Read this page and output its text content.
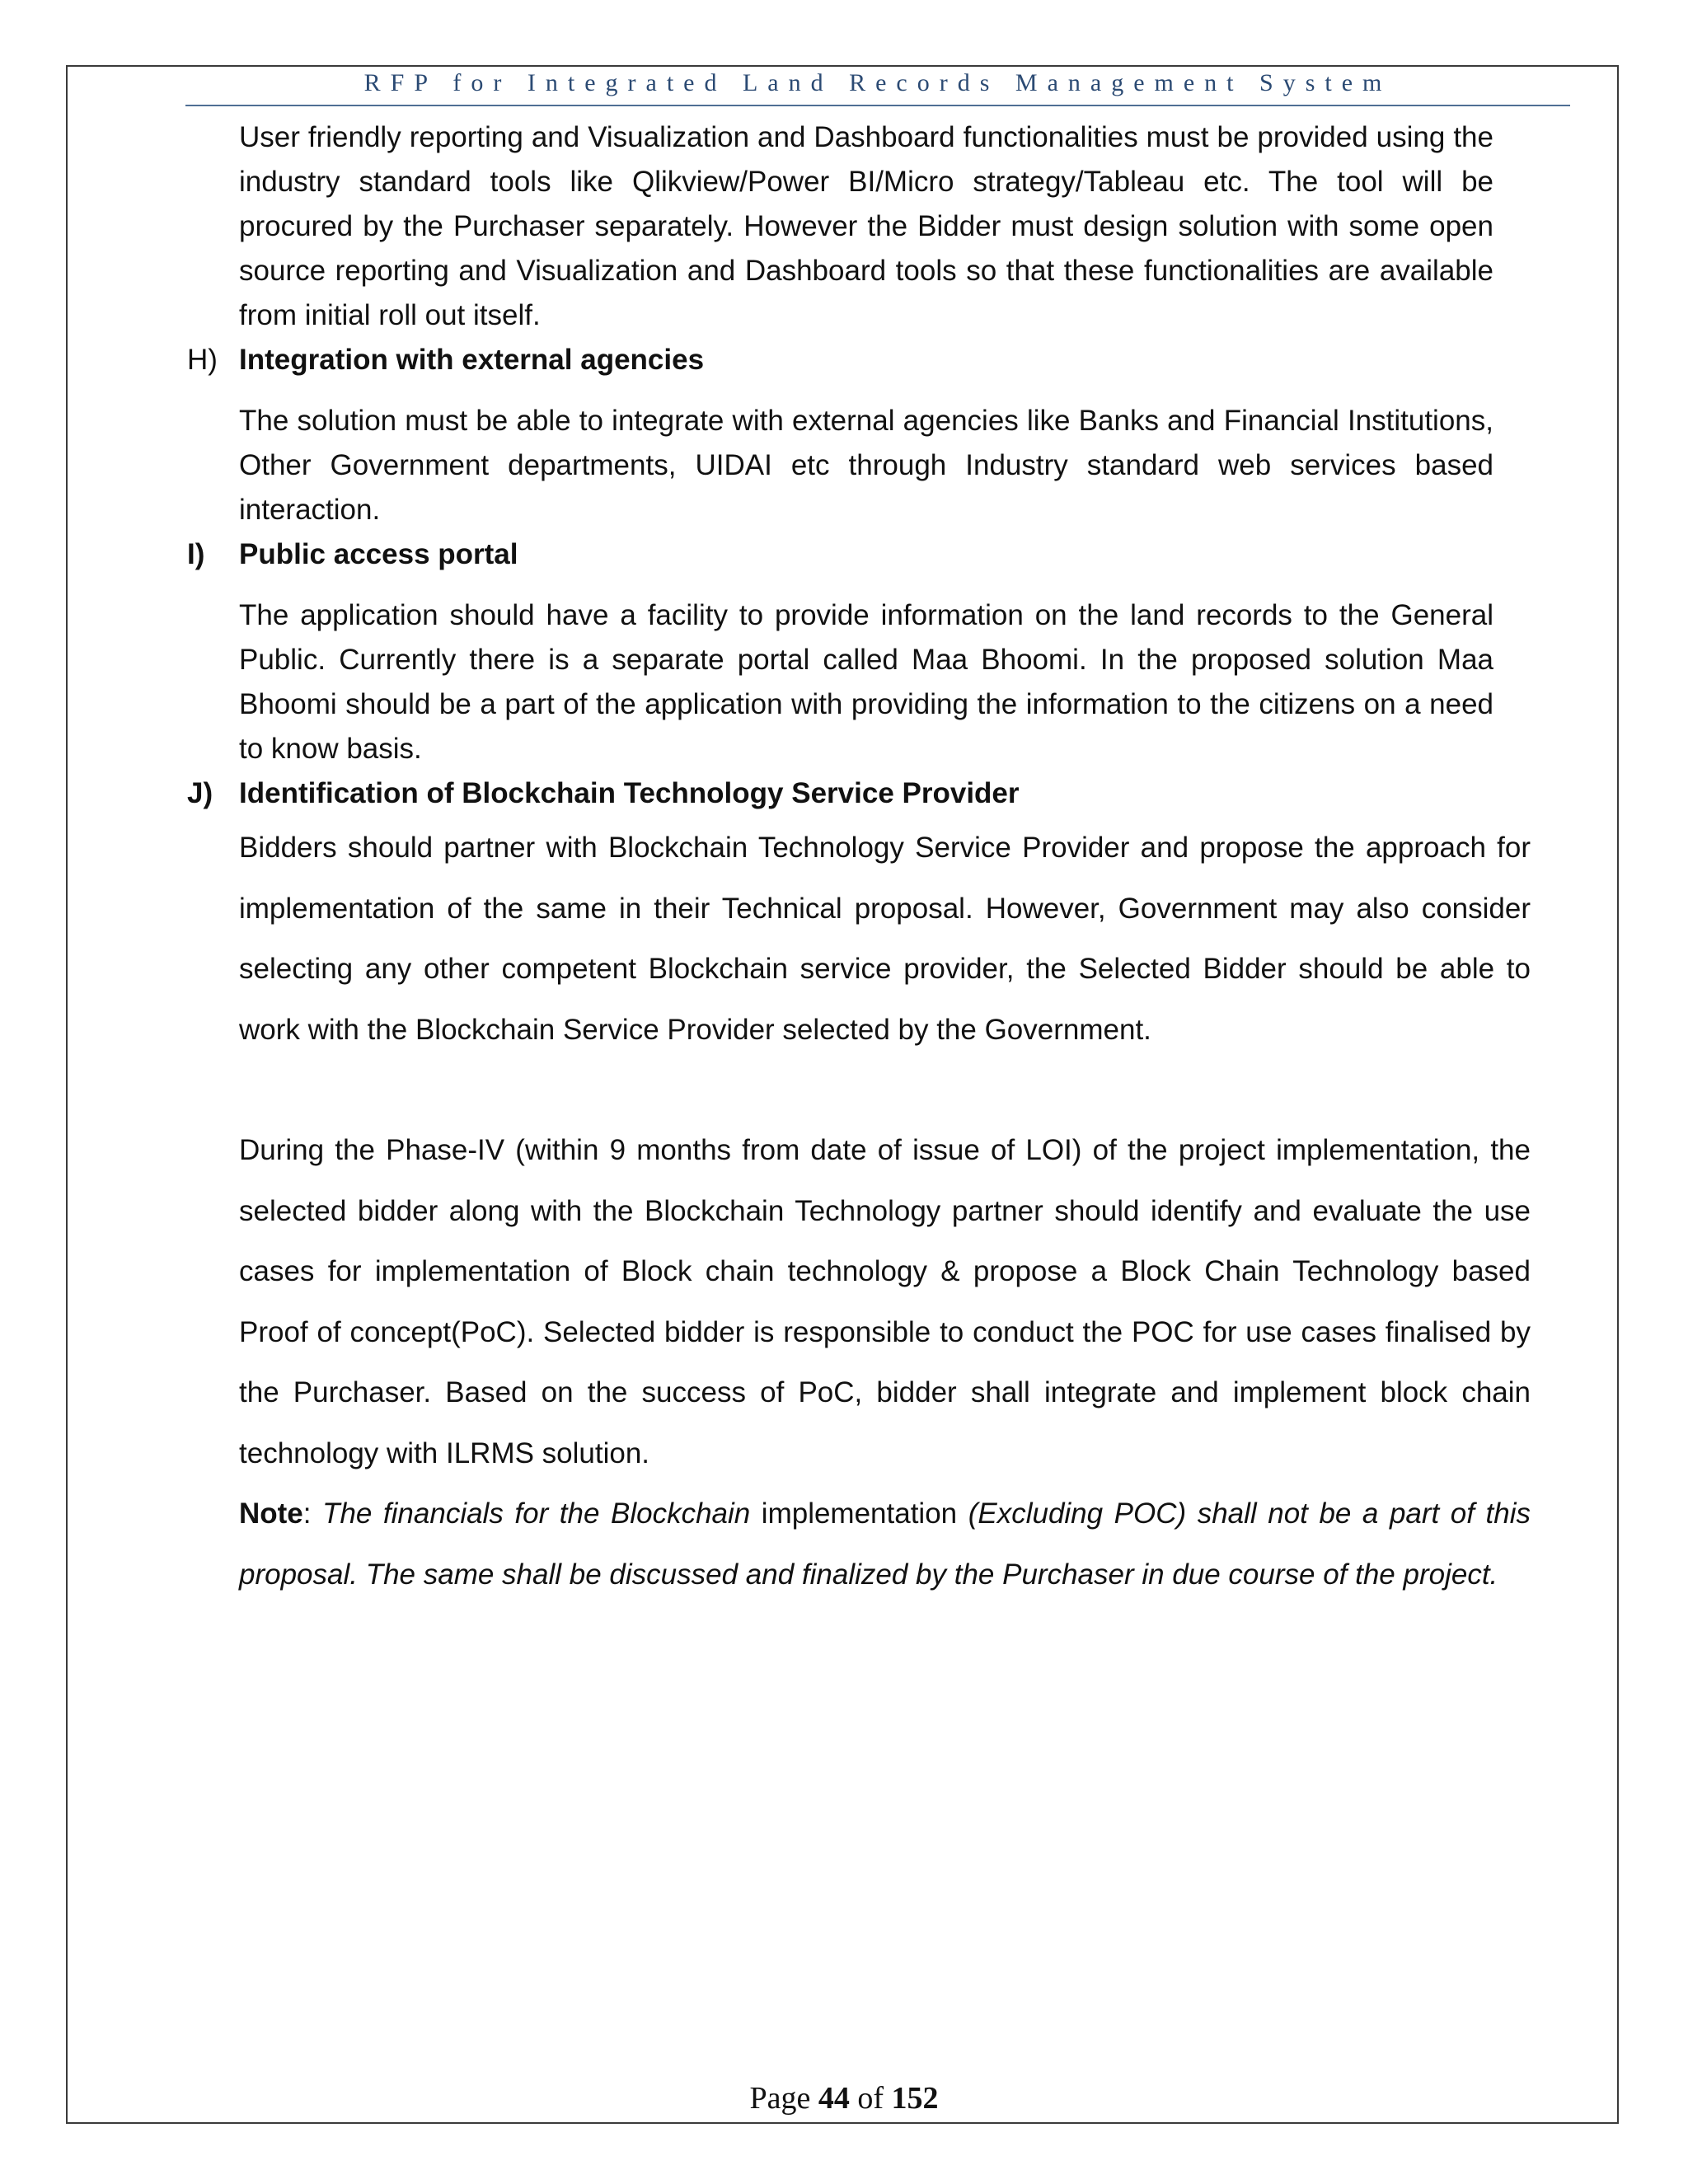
RFP for Integrated Land Records Management System

User friendly reporting and Visualization and Dashboard functionalities must be provided using the industry standard tools like Qlikview/Power BI/Micro strategy/Tableau etc. The tool will be procured by the Purchaser separately. However the Bidder must design solution with some open source reporting and Visualization and Dashboard tools so that these functionalities are available from initial roll out itself.

H) Integration with external agencies

The solution must be able to integrate with external agencies like Banks and Financial Institutions, Other Government departments, UIDAI etc through Industry standard web services based interaction.

I) Public access portal

The application should have a facility to provide information on the land records to the General Public. Currently there is a separate portal called Maa Bhoomi. In the proposed solution Maa Bhoomi should be a part of the application with providing the information to the citizens on a need to know basis.

J) Identification of Blockchain Technology Service Provider

Bidders should partner with Blockchain Technology Service Provider and propose the approach for implementation of the same in their Technical proposal. However, Government may also consider selecting any other competent Blockchain service provider, the Selected Bidder should be able to work with the Blockchain Service Provider selected by the Government.

During the Phase-IV (within 9 months from date of issue of LOI) of the project implementation, the selected bidder along with the Blockchain Technology partner should identify and evaluate the use cases for implementation of Block chain technology & propose a Block Chain Technology based Proof of concept(PoC). Selected bidder is responsible to conduct the POC for use cases finalised by the Purchaser. Based on the success of PoC, bidder shall integrate and implement block chain technology with ILRMS solution.

Note: The financials for the Blockchain implementation (Excluding POC) shall not be a part of this proposal. The same shall be discussed and finalized by the Purchaser in due course of the project.

Page 44 of 152
